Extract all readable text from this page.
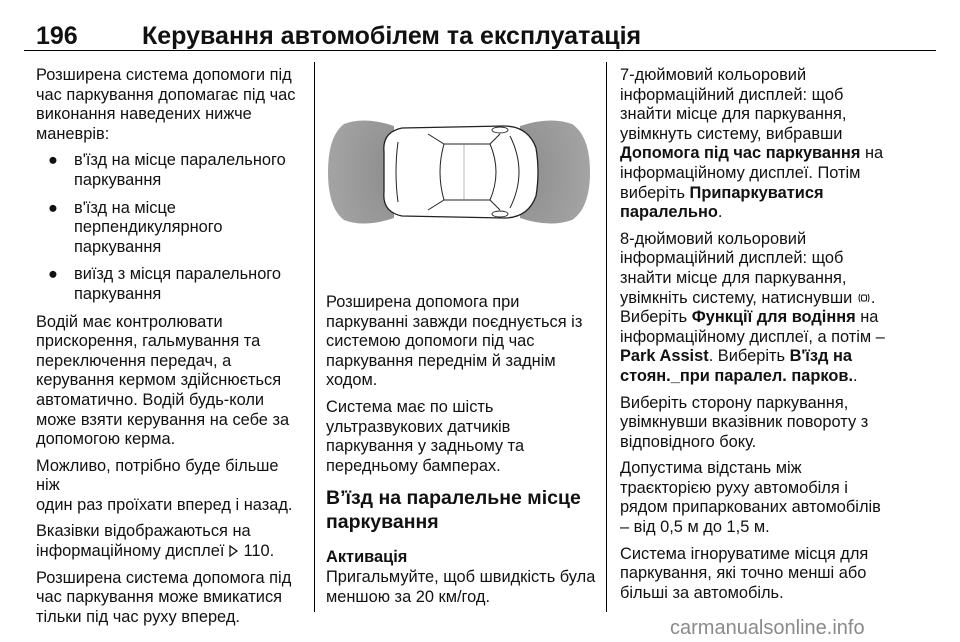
196	Керування автомобілем та експлуатація

Розширена система допомоги під
час паркування допомагає під час
виконання наведених нижче
маневрів:

● в'їзд на місце паралельного
паркування
● в'їзд на місце
перпендикулярного
паркування
● виїзд з місця паралельного
паркування

Водій має контролювати
прискорення, гальмування та
переключення передач, а
керування кермом здійснюється
автоматично. Водій будь-коли
може взяти керування на себе за
допомогою керма.

Можливо, потрібно буде більше ніж
один раз проїхати вперед і назад.

Вказівки відображаються на
інформаційному дисплеї  110.

Розширена система допомога під
час паркування може вмикатися
тільки під час руху вперед.

Розширена допомога при
паркуванні завжди поєднується із
системою допомоги під час
паркування переднім й заднім
ходом.

Система має по шість
ультразвукових датчиків
паркування у задньому та
передньому бамперах.

В’їзд на паралельне місце
паркування
Активація

Пригальмуйте, щоб швидкість була
меншою за 20 км/год.

7-дюймовий кольоровий
інформаційний дисплей: щоб
знайти місце для паркування,
увімкнуть систему, вибравши
Допомога під час паркування на
інформаційному дисплеї. Потім
виберіть Припаркуватися
паралельно.

8-дюймовий кольоровий
інформаційний дисплей: щоб
знайти місце для паркування,
увімкніть систему, натиснувши .
Виберіть Функції для водіння на
інформаційному дисплеї, а потім –
Park Assist. Виберіть В'їзд на
стоян._при паралел. парков..

Виберіть сторону паркування,
увімкнувши вказівник повороту з
відповідного боку.

Допустима відстань між
траєкторією руху автомобіля і
рядом припаркованих автомобілів
– від 0,5 м до 1,5 м.

Система ігноруватиме місця для
паркування, які точно менші або
більші за автомобіль.

carmanualsonline.info
